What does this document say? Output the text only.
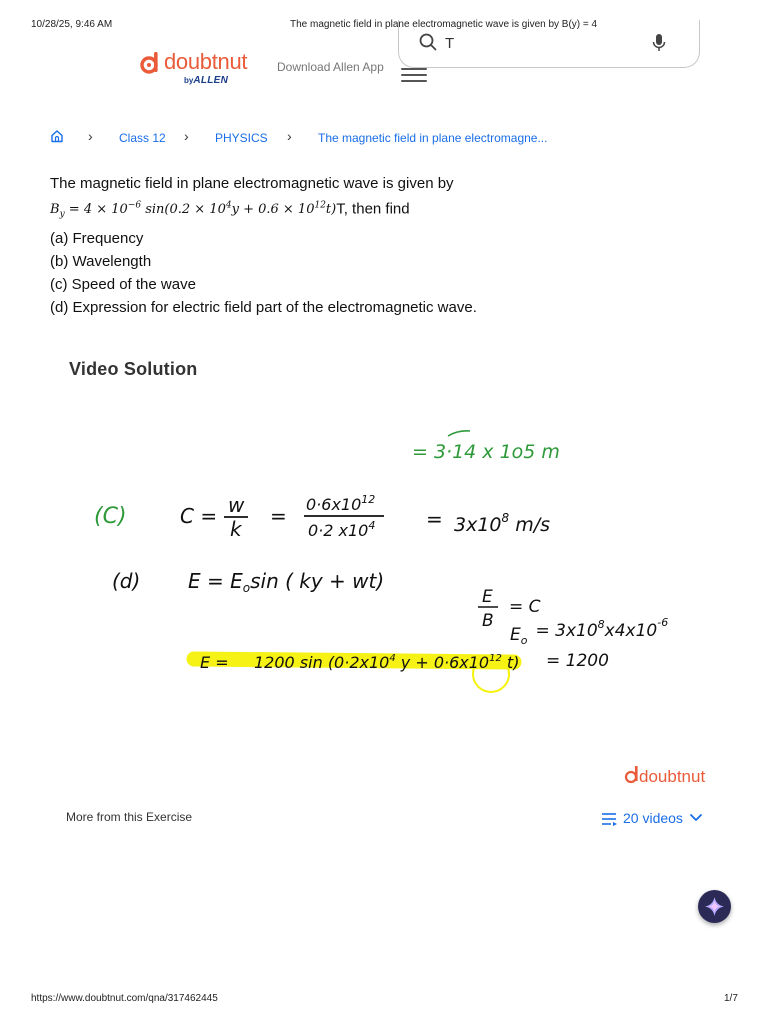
10/28/25, 9:46 AM	The magnetic field in plane electromagnetic wave is given by B(y) = 4
doubtnut
byALLEN
Download Allen App
T
› Class 12 › PHYSICS › The magnetic field in plane electromagne...
The magnetic field in plane electromagnetic wave is given by
$B_y = 4 \times 10^{-6}$ $\sin(0.2 \times 10^4y + 0.6 \times 10^{12}t)T$, then find
(a) Frequency
(b) Wavelength
(c) Speed of the wave
(d) Expression for electric field part of the electromagnetic wave.
Video Solution
= 3·14 x 1o5 m
(C)	C = w
k
= $0\cdot 6x10^{12}$
0·2 $x10^4$	= $3x10^8$ m/s
(d) $E = E_o\sin$ ( ky + wt)
E
B
= C
$E_o = 3x10^8x4x10^{-6}$
= 1200
E = 1200 $\sin (0\cdot 2x10^4$ $y + 0\cdot 6x10^{12}$ t)
doubtnut
More from this Exercise	20 videos
https://www.doubtnut.com/qna/317462445	1/7
